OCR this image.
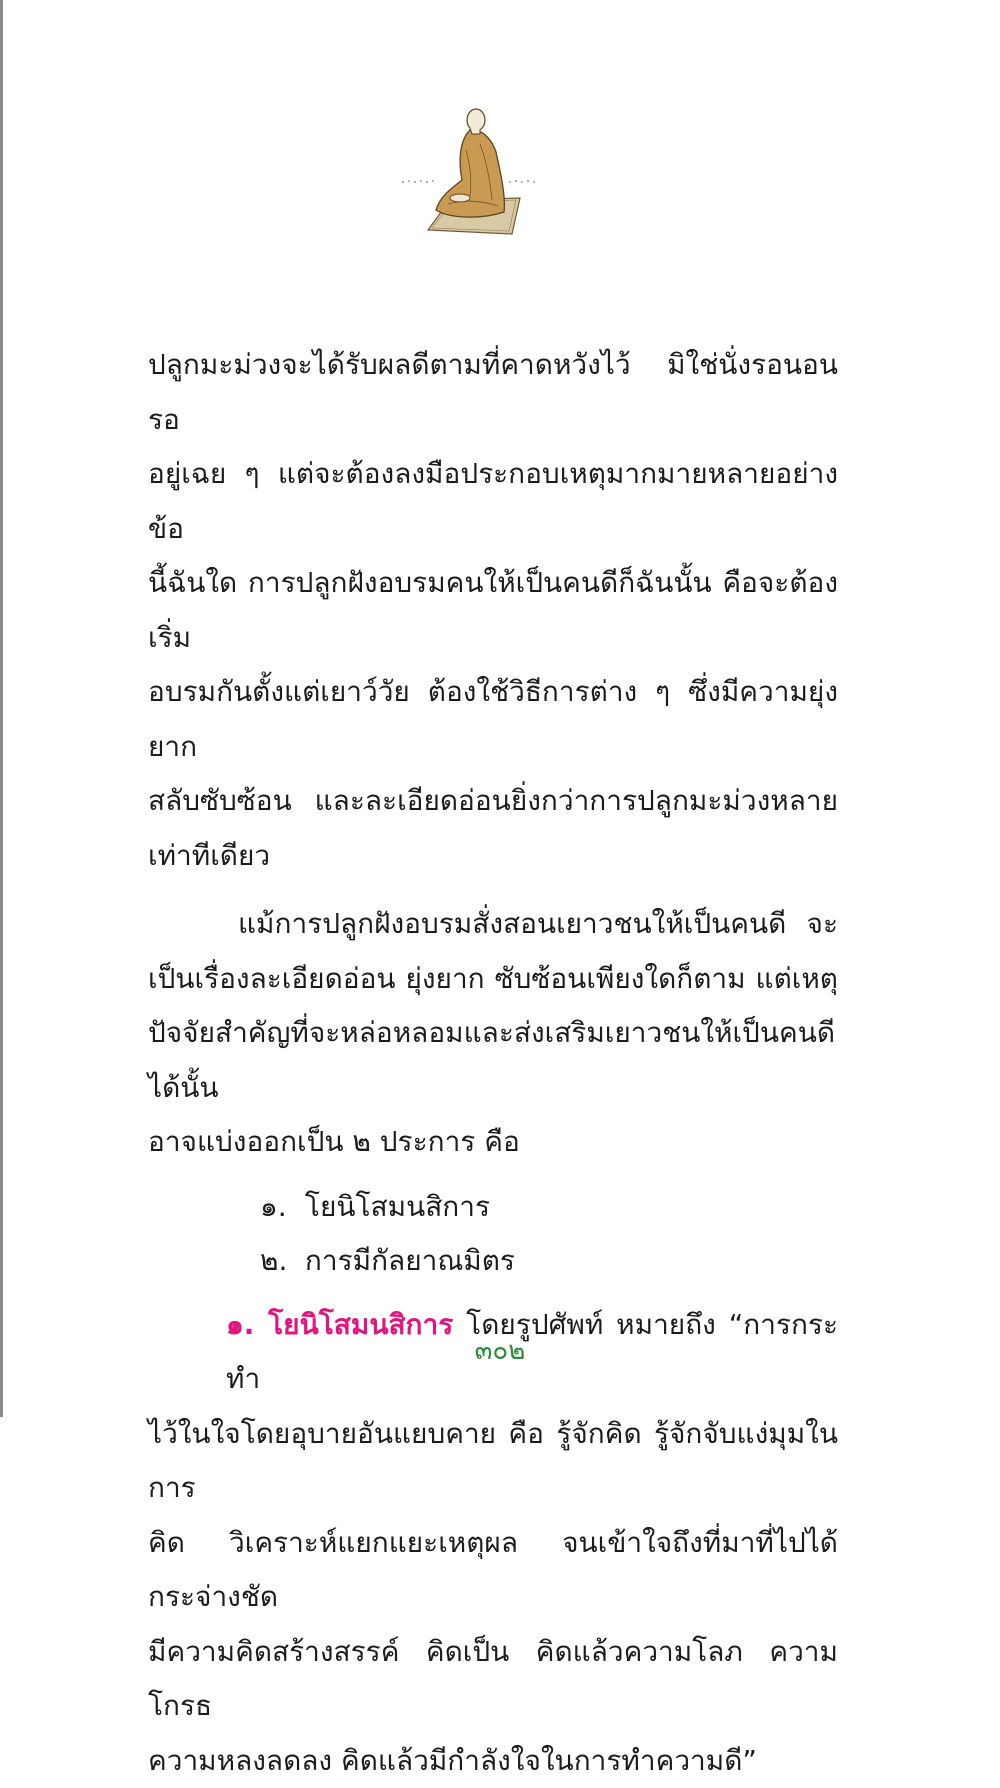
ปลูกมะม่วงจะได้รับผลดีตามที่คาดหวังไว้ มิใช่นั่งรอนอนรอ
อยู่เฉย ๆ แต่จะต้องลงมือประกอบเหตุมากมายหลายอย่าง ข้อ
นี้ฉันใด การปลูกฝังอบรมคนให้เป็นคนดีก็ฉันนั้น คือจะต้องเริ่ม
อบรมกันตั้งแต่เยาว์วัย ต้องใช้วิธีการต่าง ๆ ซึ่งมีความยุ่งยาก
สลับซับซ้อน และละเอียดอ่อนยิ่งกว่าการปลูกมะม่วงหลาย
เท่าทีเดียว

แม้การปลูกฝังอบรมสั่งสอนเยาวชนให้เป็นคนดี จะ
เป็นเรื่องละเอียดอ่อน ยุ่งยาก ซับซ้อนเพียงใดก็ตาม แต่เหตุ
ปัจจัยสำคัญที่จะหล่อหลอมและส่งเสริมเยาวชนให้เป็นคนดีได้นั้น
อาจแบ่งออกเป็น ๒ ประการ คือ

๑. โยนิโสมนสิการ
๒. การมีกัลยาณมิตร

๑. โยนิโสมนสิการ โดยรูปศัพท์ หมายถึง “การกระทำ
ไว้ในใจโดยอุบายอันแยบคาย คือ รู้จักคิด รู้จักจับแง่มุมในการ
คิด วิเคราะห์แยกแยะเหตุผล จนเข้าใจถึงที่มาที่ไปได้กระจ่างชัด
มีความคิดสร้างสรรค์ คิดเป็น คิดแล้วความโลภ ความโกรธ
ความหลงลดลง คิดแล้วมีกำลังใจในการทำความดี”

๓๐๒
